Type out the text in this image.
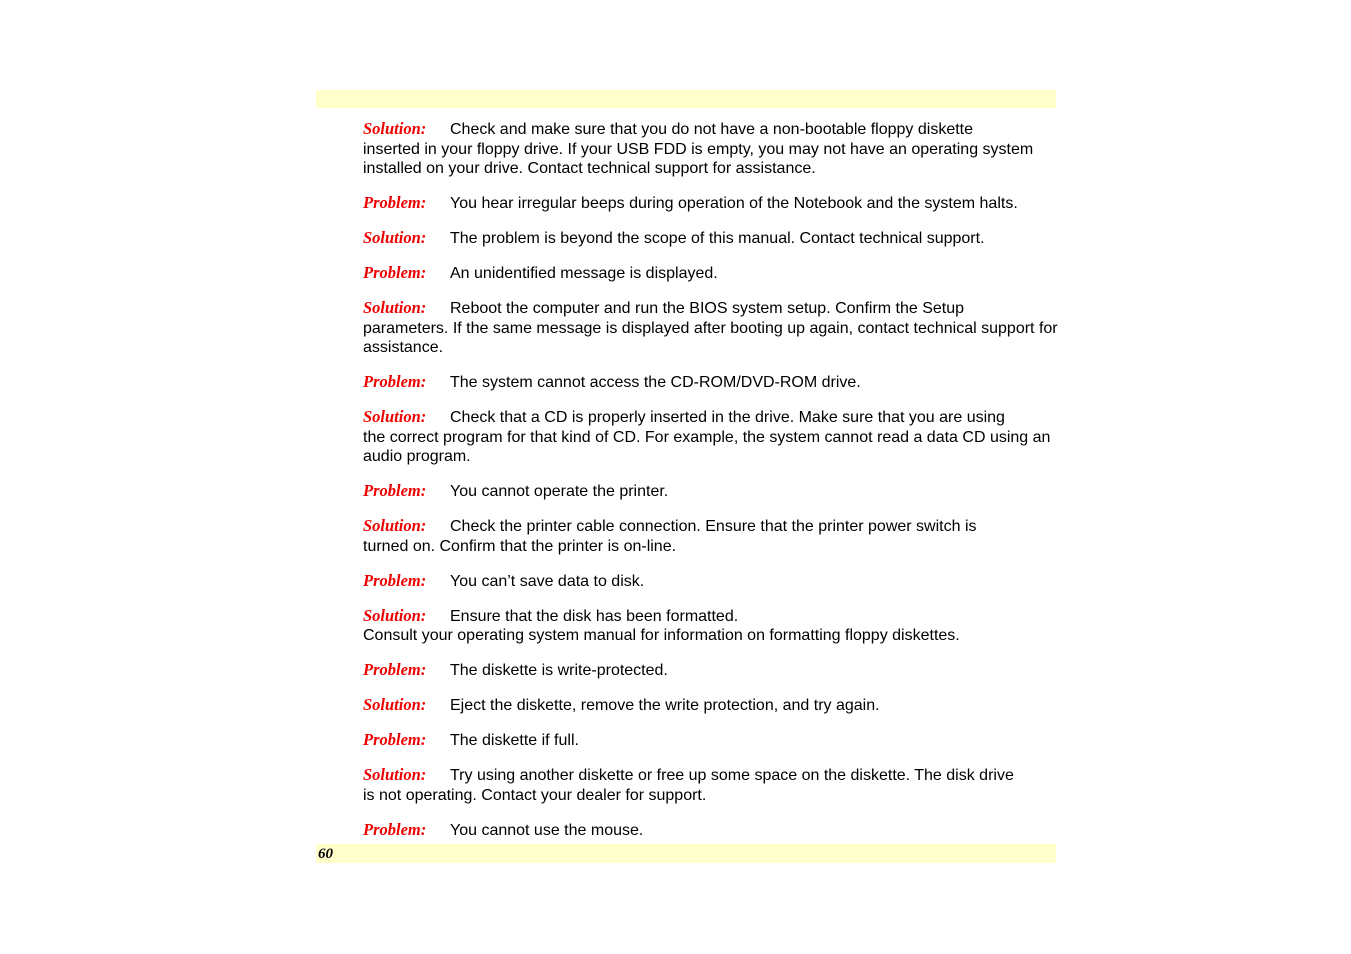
Solution: Check and make sure that you do not have a non-bootable floppy diskette
inserted in your floppy drive. If your USB FDD is empty, you may not have an operating system installed on your drive. Contact technical support for assistance.

Problem: You hear irregular beeps during operation of the Notebook and the system halts.

Solution: The problem is beyond the scope of this manual. Contact technical support.

Problem: An unidentified message is displayed.

Solution: Reboot the computer and run the BIOS system setup. Confirm the Setup
parameters. If the same message is displayed after booting up again, contact technical support for assistance.

Problem: The system cannot access the CD-ROM/DVD-ROM drive.

Solution: Check that a CD is properly inserted in the drive. Make sure that you are using
the correct program for that kind of CD. For example, the system cannot read a data CD using an audio program.

Problem: You cannot operate the printer.

Solution: Check the printer cable connection. Ensure that the printer power switch is
turned on. Confirm that the printer is on-line.

Problem: You can’t save data to disk.

Solution: Ensure that the disk has been formatted.
Consult your operating system manual for information on formatting floppy diskettes.

Problem: The diskette is write-protected.

Solution: Eject the diskette, remove the write protection, and try again.

Problem: The diskette if full.

Solution: Try using another diskette or free up some space on the diskette. The disk drive
is not operating. Contact your dealer for support.

Problem: You cannot use the mouse.

60
